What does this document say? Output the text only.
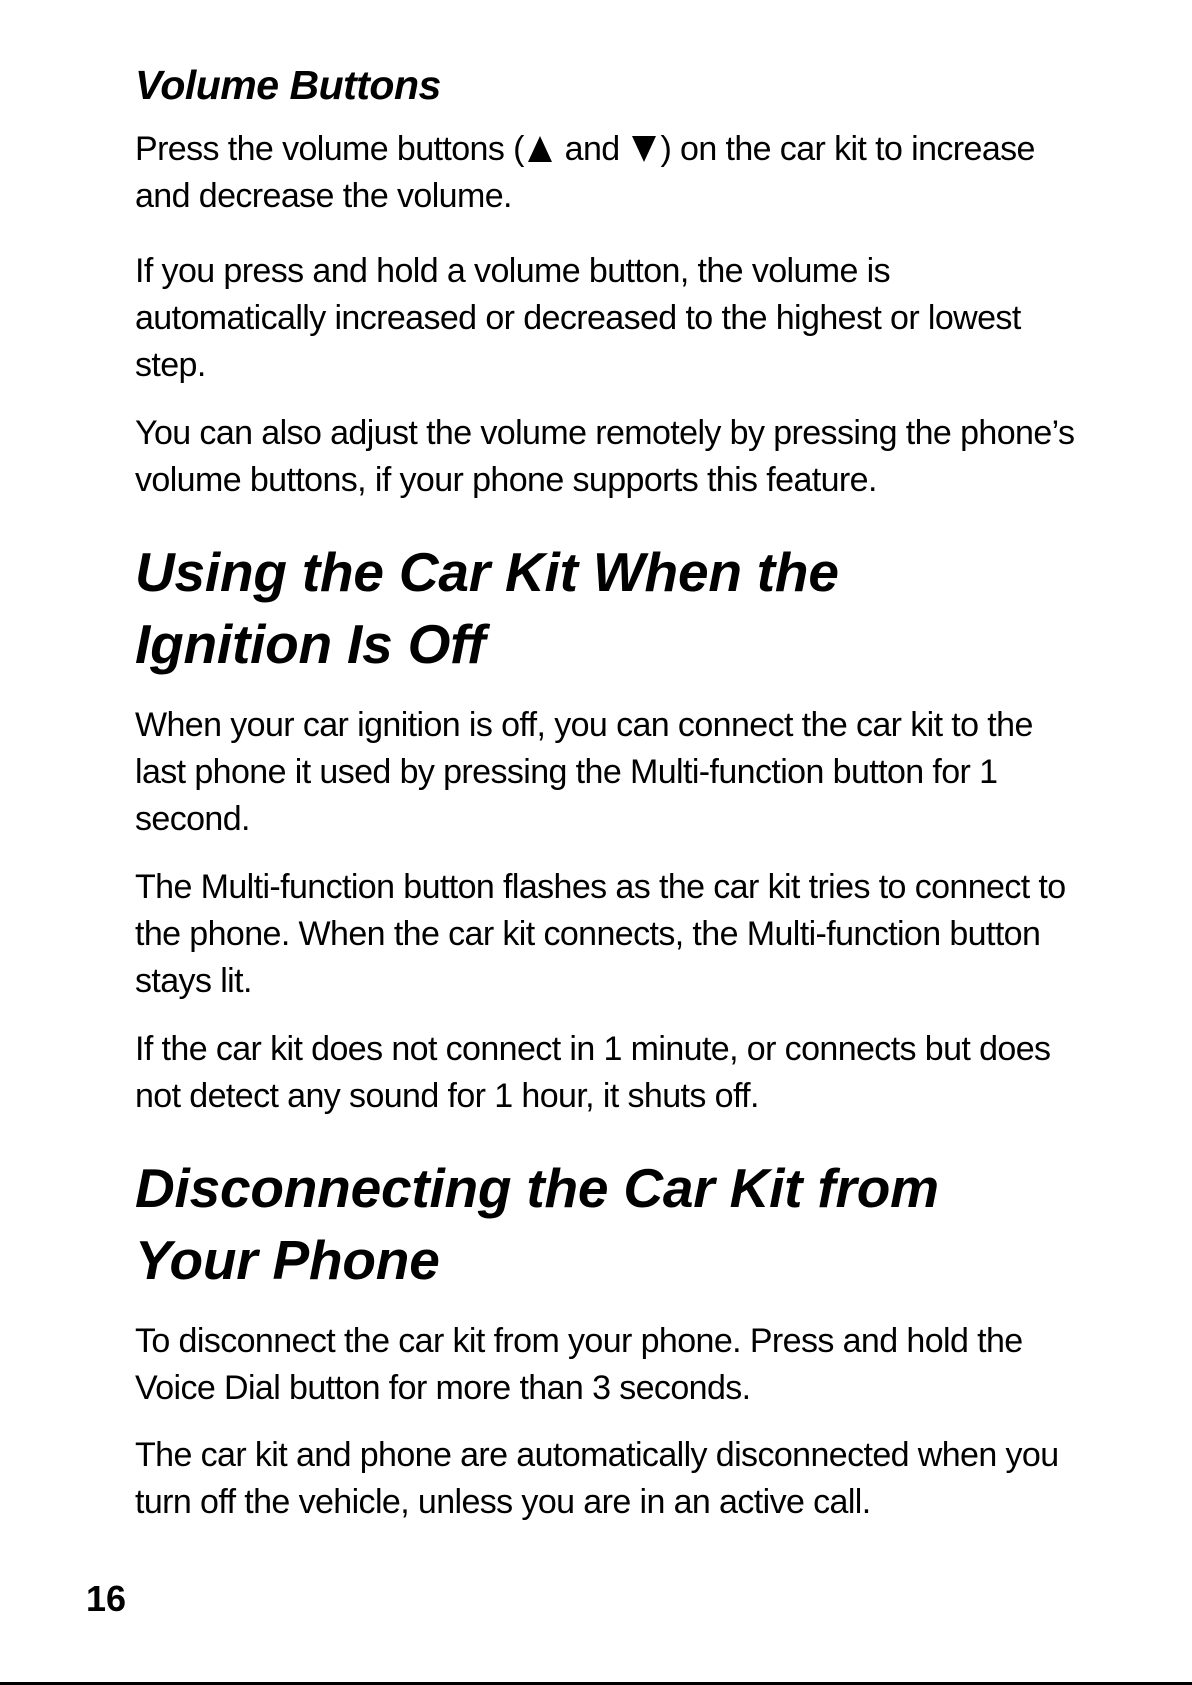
Volume Buttons

Press the volume buttons ( and ) on the car kit to increase and decrease the volume.

If you press and hold a volume button, the volume is automatically increased or decreased to the highest or lowest step.

You can also adjust the volume remotely by pressing the phone’s volume buttons, if your phone supports this feature.

Using the Car Kit When the
Ignition Is Off

When your car ignition is off, you can connect the car kit to the last phone it used by pressing the Multi-function button for 1 second.

The Multi-function button flashes as the car kit tries to connect to the phone. When the car kit connects, the Multi-function button stays lit.

If the car kit does not connect in 1 minute, or connects but does not detect any sound for 1 hour, it shuts off.

Disconnecting the Car Kit from
Your Phone

To disconnect the car kit from your phone. Press and hold the Voice Dial button for more than 3 seconds.

The car kit and phone are automatically disconnected when you turn off the vehicle, unless you are in an active call.

16
